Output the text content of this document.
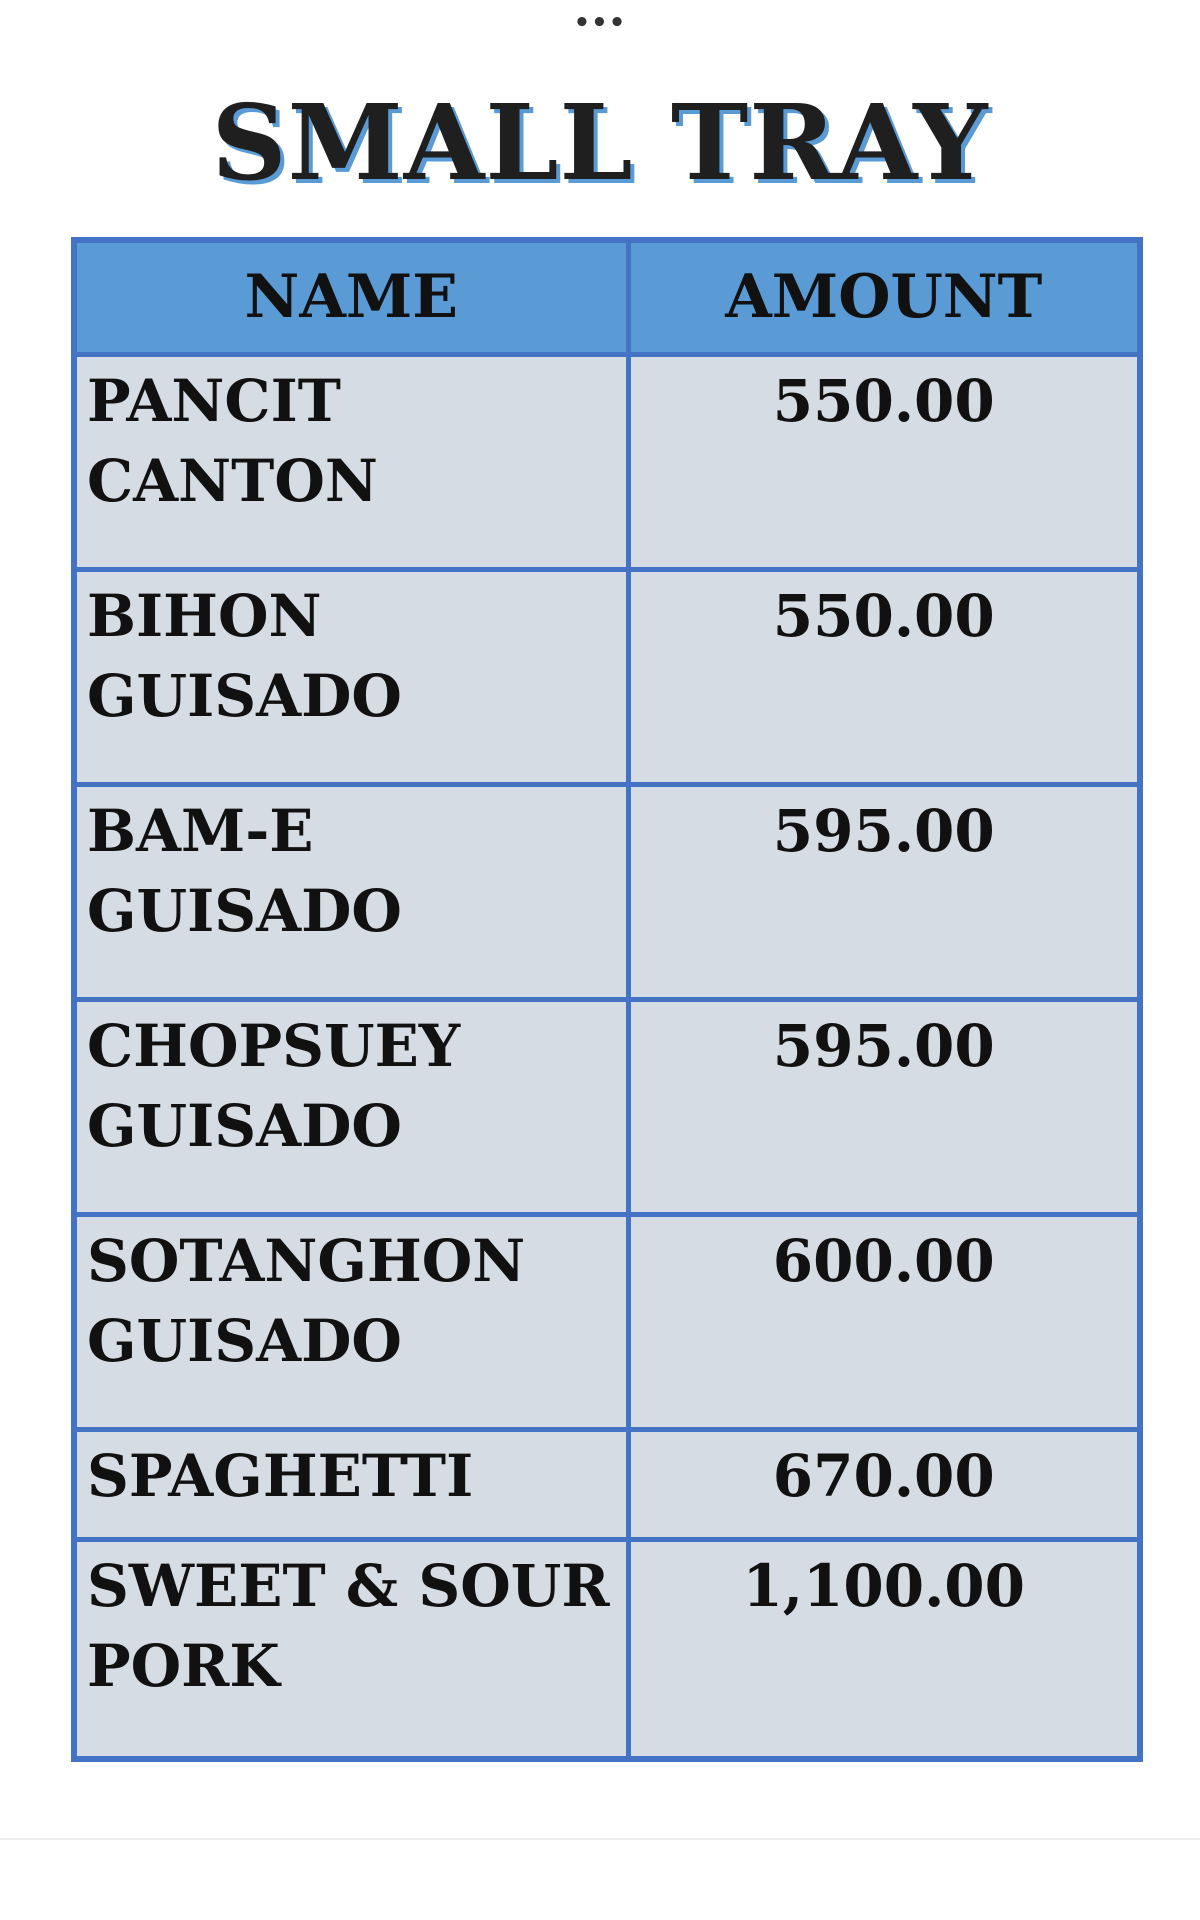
•••
SMALL TRAY
NAME	AMOUNT
PANCIT CANTON	550.00
BIHON GUISADO	550.00
BAM-E GUISADO	595.00
CHOPSUEY GUISADO	595.00
SOTANGHON GUISADO	600.00
SPAGHETTI	670.00
SWEET & SOUR PORK	1,100.00
